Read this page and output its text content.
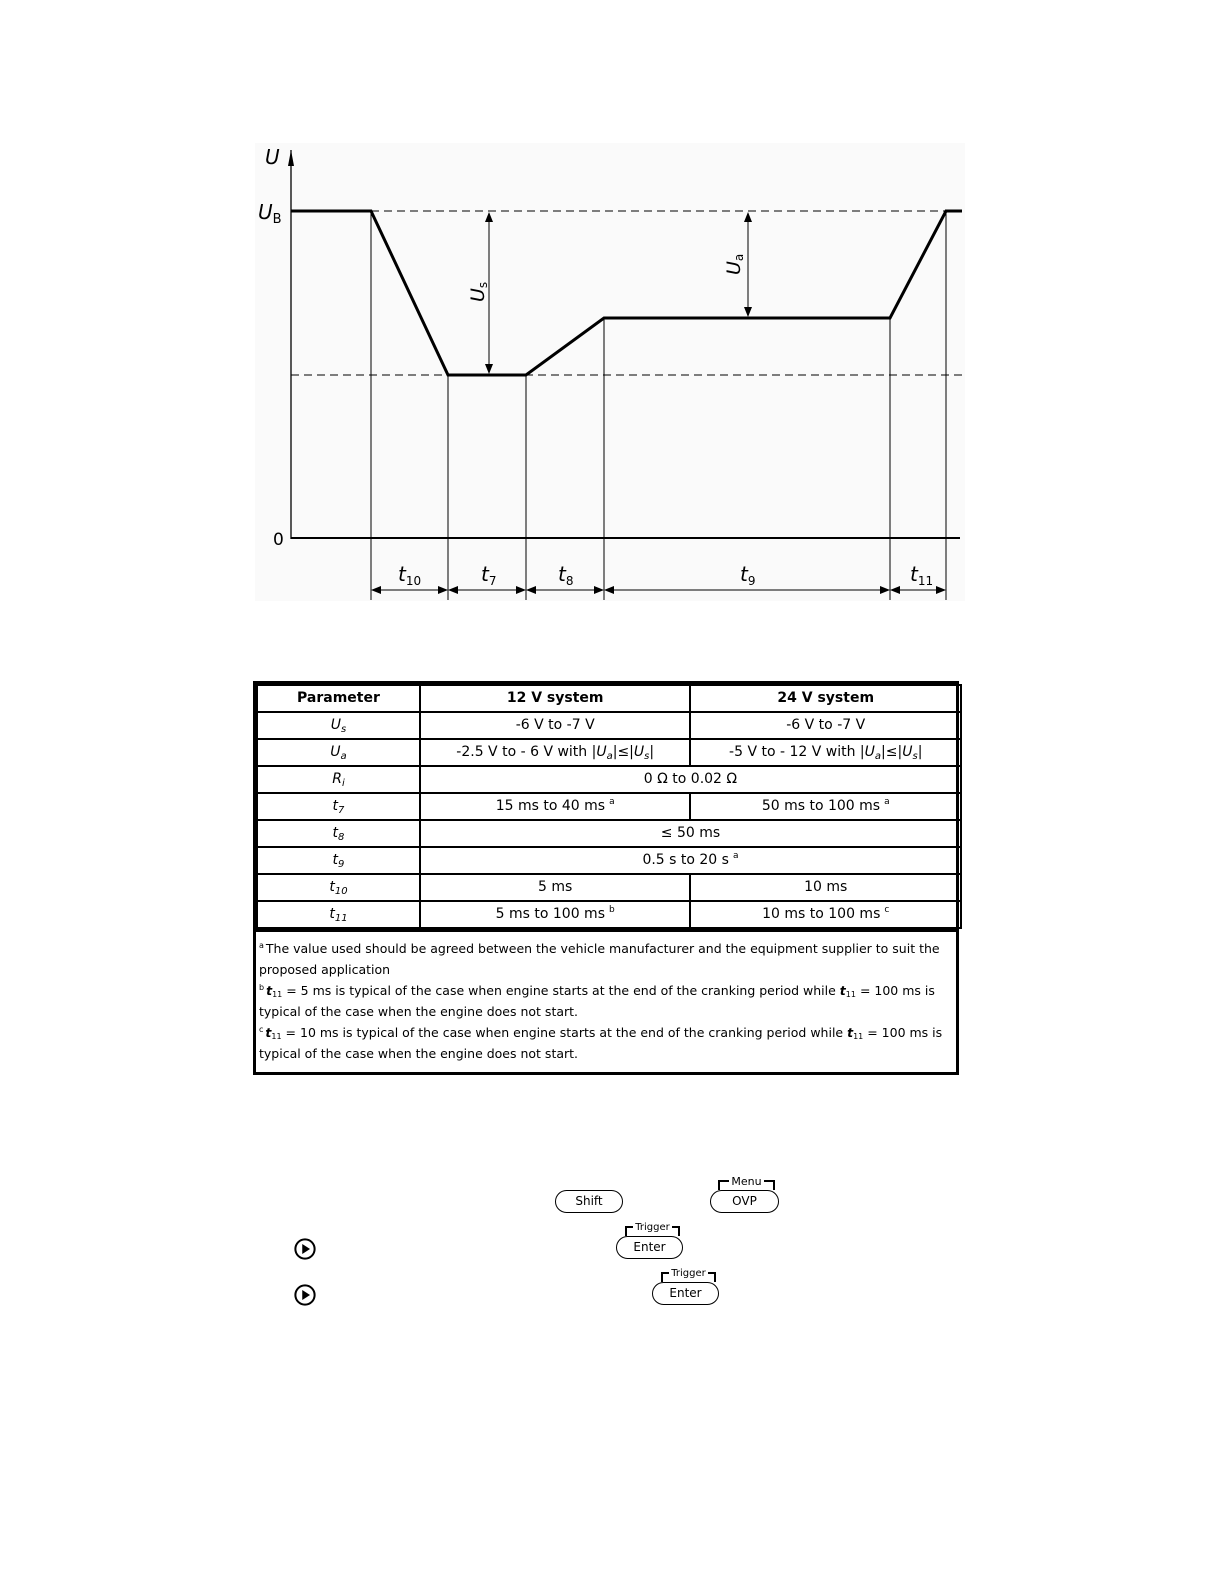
U
$U_B$
0
Us
Ua
$t_{10}$	$t_7$	$t_8$	$t_9$	$t_{11}$
Parameter	12 V system	24 V system
$U_s$	-6 V to -7 V	-6 V to -7 V
$U_a$	-2.5 V to - 6 V with $|U_a|\le|U_s|$	-5 V to - 12 V with $|U_a|\le|U_s|$
$R_i$	0 Ω to 0.02 Ω	
$t_7$	15 ms to 40 ms $^a$	50 ms to 100 ms $^a$
$t_8$	≤ 50 ms	
$t_9$	0.5 s to 20 s $^a$
$t_{10}$	5 ms	10 ms
$t_{11}$	5 ms to 100 ms $^b$	10 ms to 100 ms $^c$
$^a$ The value used should be agreed between the vehicle manufacturer and the equipment supplier to suit the proposed application
$^b$ $t_{11} = 5$ ms is typical of the case when engine starts at the end of the cranking period while $t_{11} = 100$ ms is typical of the case when the engine does not start.
$^c$ $t_{11} = 10$ ms is typical of the case when engine starts at the end of the cranking period while $t_{11} = 100$ ms is typical of the case when the engine does not start.
Shift
Menu
OVP
Trigger
Enter
Trigger
Enter
